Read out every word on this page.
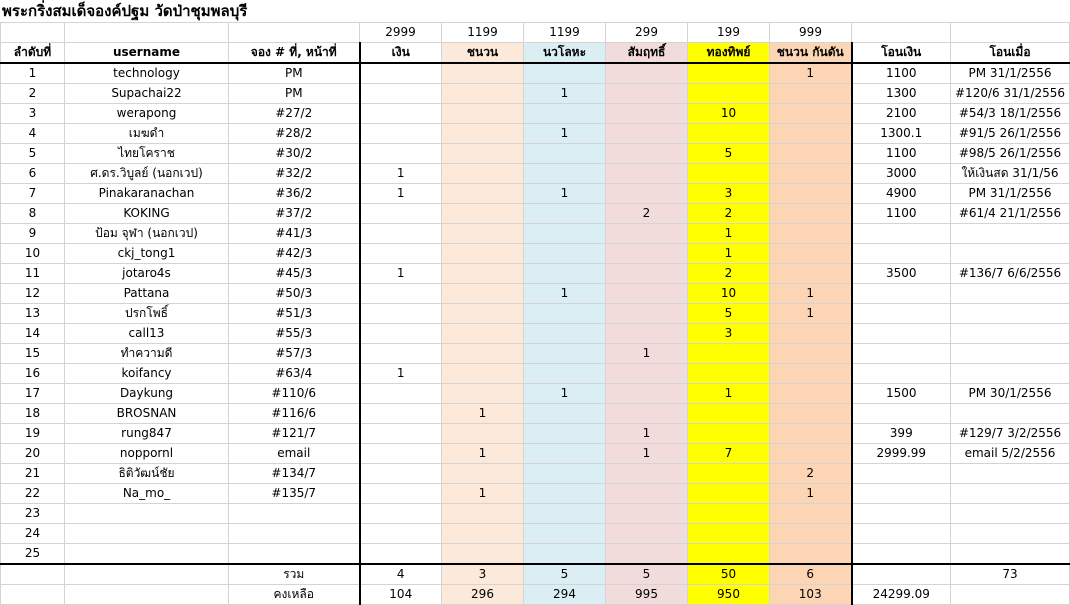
พระกริ่งสมเด็จองค์ปฐม วัดป่าชุมพลบุรี
			2999	1199	1199	299	199	999		
ลำดับที่	username	จอง # ที่, หน้าที่	เงิน	ชนวน	นวโลหะ	สัมฤทธิ์	ทองทิพย์	ชนวน กันดัน	โอนเงิน	โอนเมื่อ
1	technology	PM						1	1100	PM 31/1/2556
2	Supachai22	PM			1				1300	#120/6 31/1/2556
3	werapong	#27/2					10		2100	#54/3 18/1/2556
4	เมฆดำ	#28/2			1				1300.1	#91/5 26/1/2556
5	ไทยโคราช	#30/2					5		1100	#98/5 26/1/2556
6	ศ.ดร.วิบูลย์ (นอกเวป)	#32/2	1						3000	ให้เงินสด 31/1/56
7	Pinakaranachan	#36/2	1		1		3		4900	PM 31/1/2556
8	KOKING	#37/2				2	2		1100	#61/4 21/1/2556
9	ป้อม จุฬา (นอกเวป)	#41/3					1			
10	ckj_tong1	#42/3					1			
11	jotaro4s	#45/3	1				2		3500	#136/7 6/6/2556
12	Pattana	#50/3			1		10	1		
13	ปรกโพธิ์	#51/3					5	1		
14	call13	#55/3					3			
15	ทำความดี	#57/3				1				
16	koifancy	#63/4	1							
17	Daykung	#110/6			1		1		1500	PM 30/1/2556
18	BROSNAN	#116/6		1						
19	rung847	#121/7				1			399	#129/7 3/2/2556
20	noppornl	email		1		1	7		2999.99	email 5/2/2556
21	ธิติวัฒน์ชัย	#134/7						2		
22	Na_mo_	#135/7		1				1		
23										
24										
25										
		รวม	4	3	5	5	50	6		73
		คงเหลือ	104	296	294	995	950	103	24299.09	
